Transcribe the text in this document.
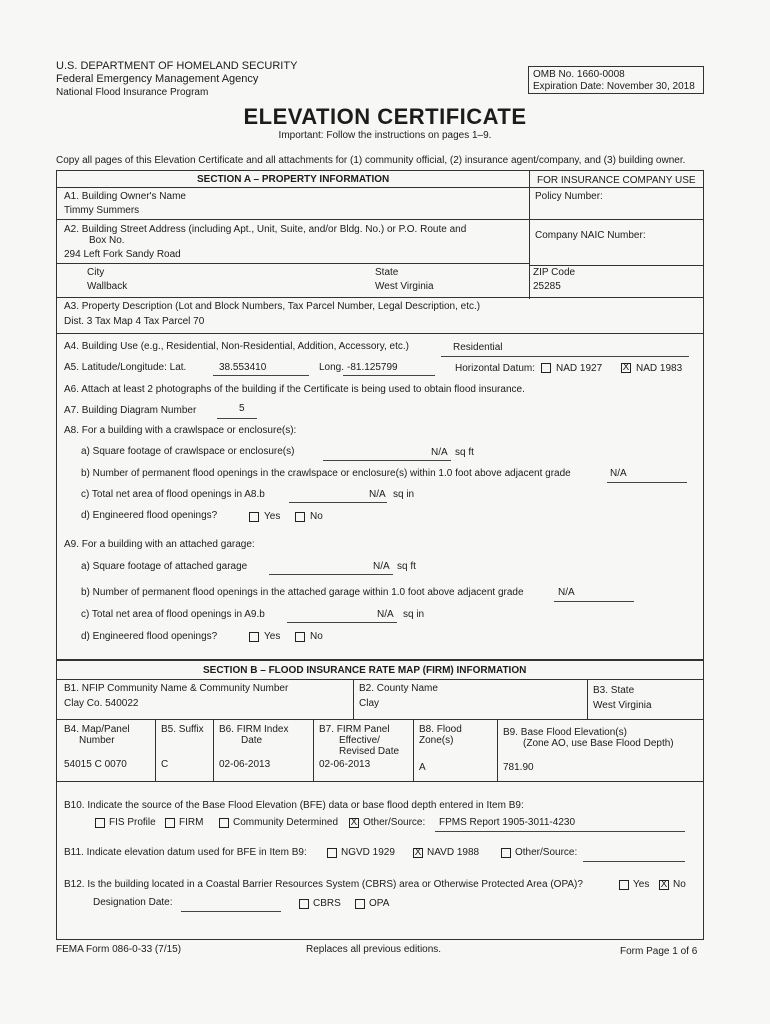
U.S. DEPARTMENT OF HOMELAND SECURITY
Federal Emergency Management Agency
National Flood Insurance Program
OMB No. 1660-0008
Expiration Date: November 30, 2018
ELEVATION CERTIFICATE
Important: Follow the instructions on pages 1–9.
Copy all pages of this Elevation Certificate and all attachments for (1) community official, (2) insurance agent/company, and (3) building owner.
SECTION A – PROPERTY INFORMATION	FOR INSURANCE COMPANY USE
A1. Building Owner's Name
Timmy Summers
Policy Number:
A2. Building Street Address (including Apt., Unit, Suite, and/or Bldg. No.) or P.O. Route and
Box No.
294 Left Fork Sandy Road
Company NAIC Number:
City
Wallback
State
West Virginia
ZIP Code
25285
A3. Property Description (Lot and Block Numbers, Tax Parcel Number, Legal Description, etc.)
Dist. 3 Tax Map 4 Tax Parcel 70
A4. Building Use (e.g., Residential, Non-Residential, Addition, Accessory, etc.)	Residential
A5. Latitude/Longitude: Lat.	38.553410	Long. -81.125799	Horizontal Datum: NAD 1927 X NAD 1983
A6. Attach at least 2 photographs of the building if the Certificate is being used to obtain flood insurance.
A7. Building Diagram Number	5
A8. For a building with a crawlspace or enclosure(s):
a) Square footage of crawlspace or enclosure(s)	N/A sq ft
b) Number of permanent flood openings in the crawlspace or enclosure(s) within 1.0 foot above adjacent grade	N/A
c) Total net area of flood openings in A8.b	N/A sq in
d) Engineered flood openings?	Yes	No
A9. For a building with an attached garage:
a) Square footage of attached garage	N/A sq ft
b) Number of permanent flood openings in the attached garage within 1.0 foot above adjacent grade	N/A
c) Total net area of flood openings in A9.b	N/A sq in
d) Engineered flood openings?	Yes	No
SECTION B – FLOOD INSURANCE RATE MAP (FIRM) INFORMATION
B1. NFIP Community Name & Community Number
Clay Co. 540022
B2. County Name
Clay
B3. State
West Virginia
B4. Map/Panel
Number
54015 C 0070
B5. Suffix
C
B6. FIRM Index
Date
02-06-2013
B7. FIRM Panel
Effective/
Revised Date
02-06-2013
B8. Flood
Zone(s)
A
B9. Base Flood Elevation(s)
(Zone AO, use Base Flood Depth)
781.90
B10. Indicate the source of the Base Flood Elevation (BFE) data or base flood depth entered in Item B9:
FIS Profile FIRM	Community Determined X Other/Source: FPMS Report 1905-3011-4230
B11. Indicate elevation datum used for BFE in Item B9:	NGVD 1929 X NAVD 1988	Other/Source:
B12. Is the building located in a Coastal Barrier Resources System (CBRS) area or Otherwise Protected Area (OPA)?	Yes X No
Designation Date:	CBRS	OPA
FEMA Form 086-0-33 (7/15)	Replaces all previous editions.	Form Page 1 of 6
